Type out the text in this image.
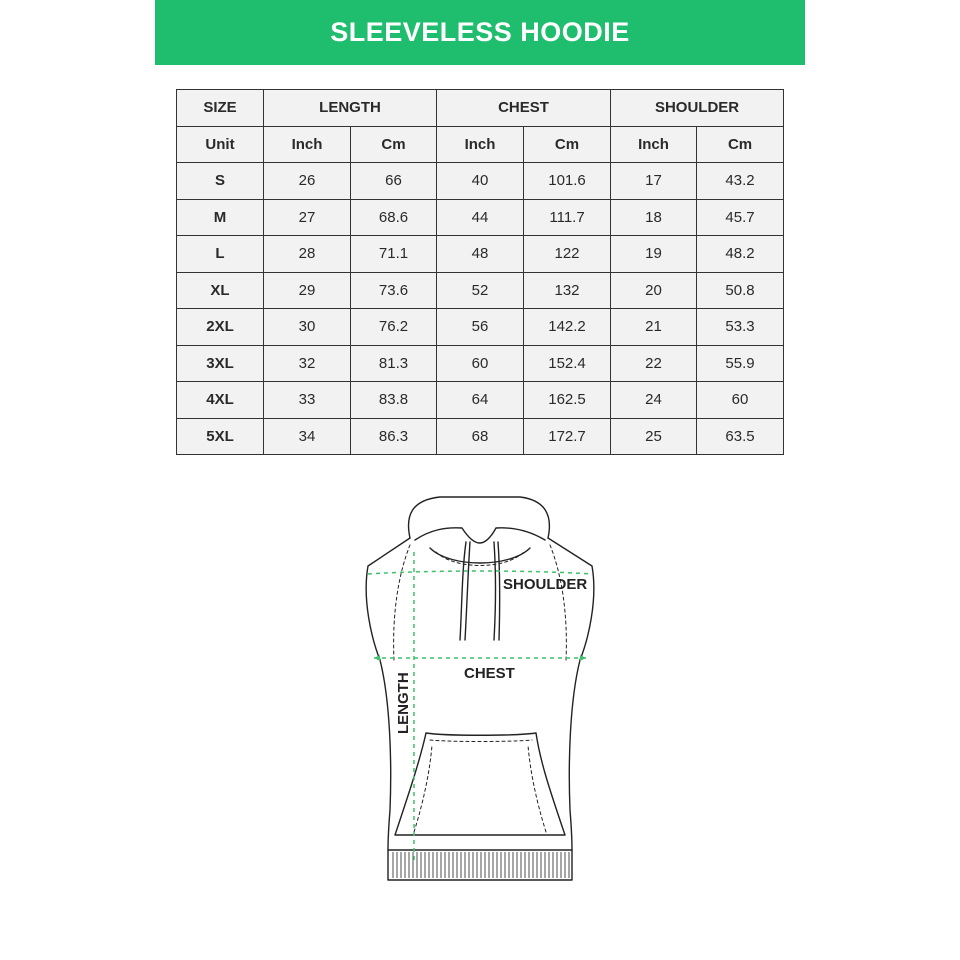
SLEEVELESS HOODIE
SIZE	LENGTH		CHEST		SHOULDER	
Unit	Inch	Cm	Inch	Cm	Inch	Cm
S	26	66	40	101.6	17	43.2
M	27	68.6	44	111.7	18	45.7
L	28	71.1	48	122	19	48.2
XL	29	73.6	52	132	20	50.8
2XL	30	76.2	56	142.2	21	53.3
3XL	32	81.3	60	152.4	22	55.9
4XL	33	83.8	64	162.5	24	60
5XL	34	86.3	68	172.7	25	63.5
SHOULDER
CHEST
LENGTH
